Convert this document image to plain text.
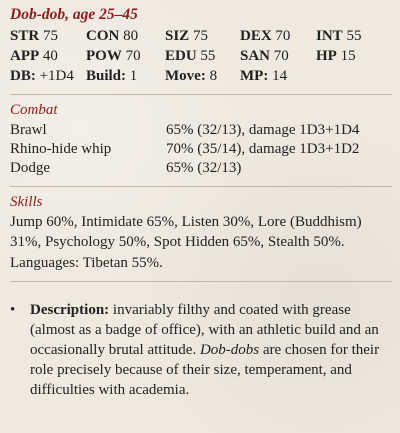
Dob-dob, age 25–45
STR 75	CON 80	SIZ 75	DEX 70	INT 55
APP 40	POW 70	EDU 55	SAN 70	HP 15
DB: +1D4 Build: 1	Move: 8	MP: 14
Combat
Brawl	65% (32/13), damage 1D3+1D4
Rhino-hide whip	70% (35/14), damage 1D3+1D2
Dodge	65% (32/13)
Skills
Jump 60%, Intimidate 65%, Listen 30%, Lore (Buddhism) 31%, Psychology 50%, Spot Hidden 65%, Stealth 50%.
Languages: Tibetan 55%.
• Description: invariably filthy and coated with grease (almost as a badge of office), with an athletic build and an occasionally brutal attitude. Dob-dobs are chosen for their role precisely because of their size, temperament, and difficulties with academia.
